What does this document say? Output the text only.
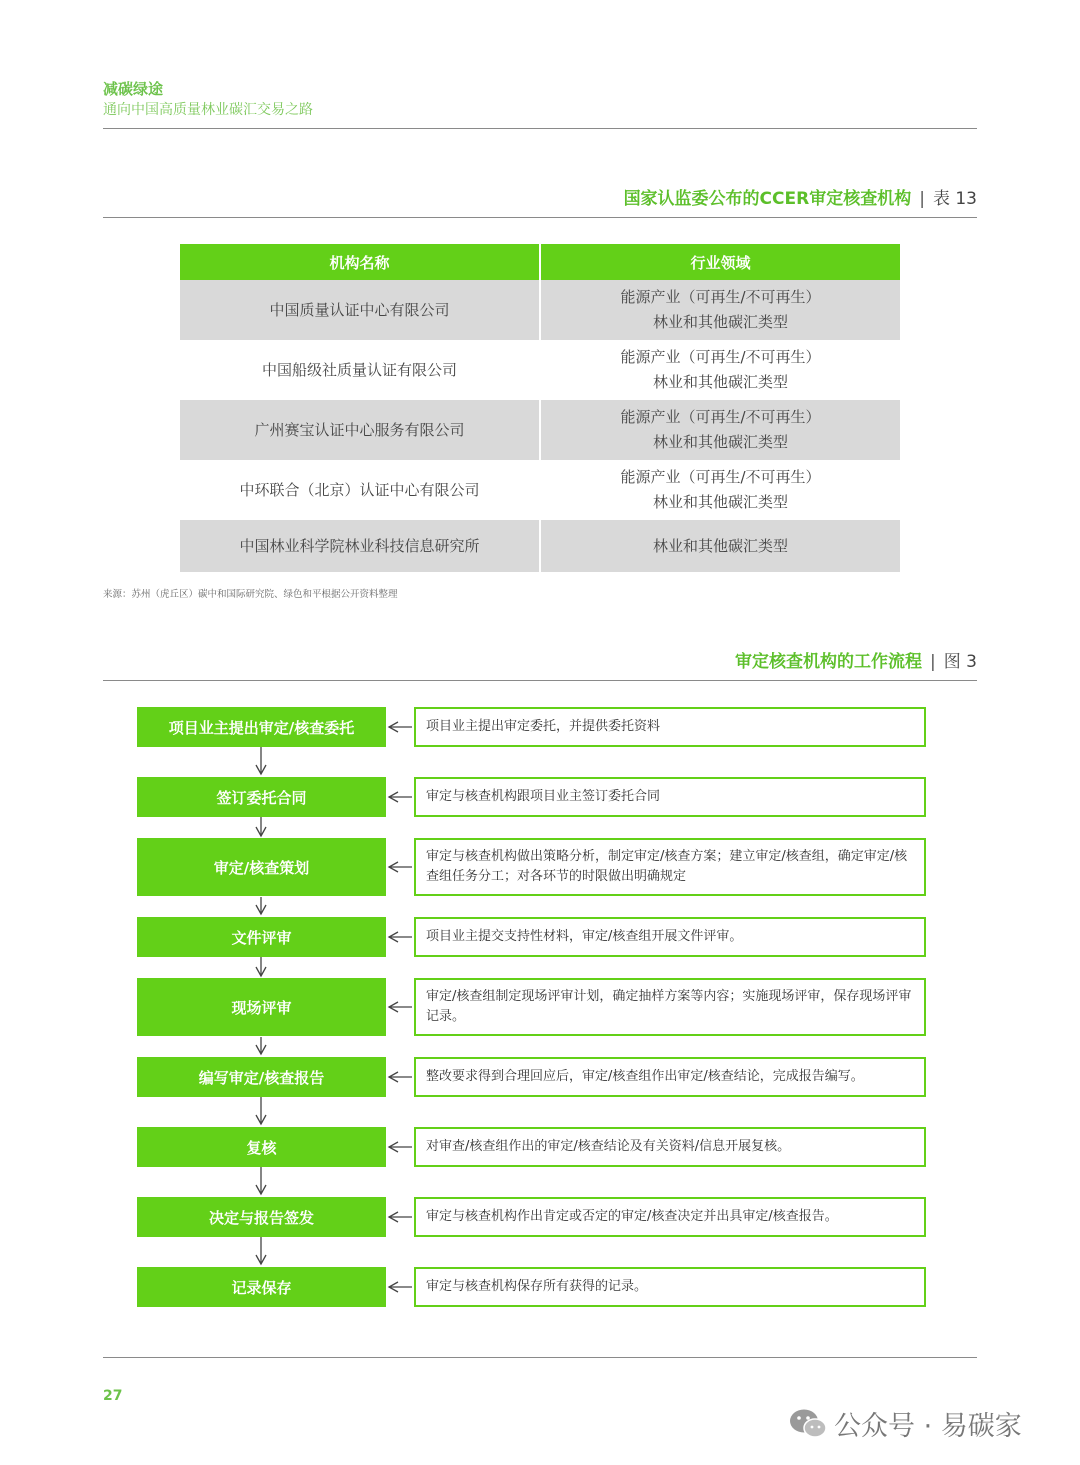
减碳绿途
通向中国高质量林业碳汇交易之路
国家认监委公布的CCER审定核查机构 | 表 13
机构名称	行业领域
中国质量认证中心有限公司	能源产业（可再生/不可再生）
林业和其他碳汇类型

中国船级社质量认证有限公司	能源产业（可再生/不可再生）
林业和其他碳汇类型

广州赛宝认证中心服务有限公司	能源产业（可再生/不可再生）
林业和其他碳汇类型

中环联合（北京）认证中心有限公司	能源产业（可再生/不可再生）
林业和其他碳汇类型

中国林业科学院林业科技信息研究所	林业和其他碳汇类型
来源：苏州（虎丘区）碳中和国际研究院、绿色和平根据公开资料整理
审定核查机构的工作流程 | 图 3
项目业主提出审定/核查委托	项目业主提出审定委托，并提供委托资料
签订委托合同	审定与核查机构跟项目业主签订委托合同
审定/核查策划
审定与核查机构做出策略分析，制定审定/核查方案；建立审定/核查组，确定审定/核查组任务分工；对各环节的时限做出明确规定
文件评审	项目业主提交支持性材料，审定/核查组开展文件评审。
现场评审
审定/核查组制定现场评审计划，确定抽样方案等内容；实施现场评审，保存现场评审记录。
编写审定/核查报告	整改要求得到合理回应后，审定/核查组作出审定/核查结论，完成报告编写。
复核	对审查/核查组作出的审定/核查结论及有关资料/信息开展复核。
决定与报告签发	审定与核查机构作出肯定或否定的审定/核查决定并出具审定/核查报告。
记录保存	审定与核查机构保存所有获得的记录。
27
公众号 · 易碳家
